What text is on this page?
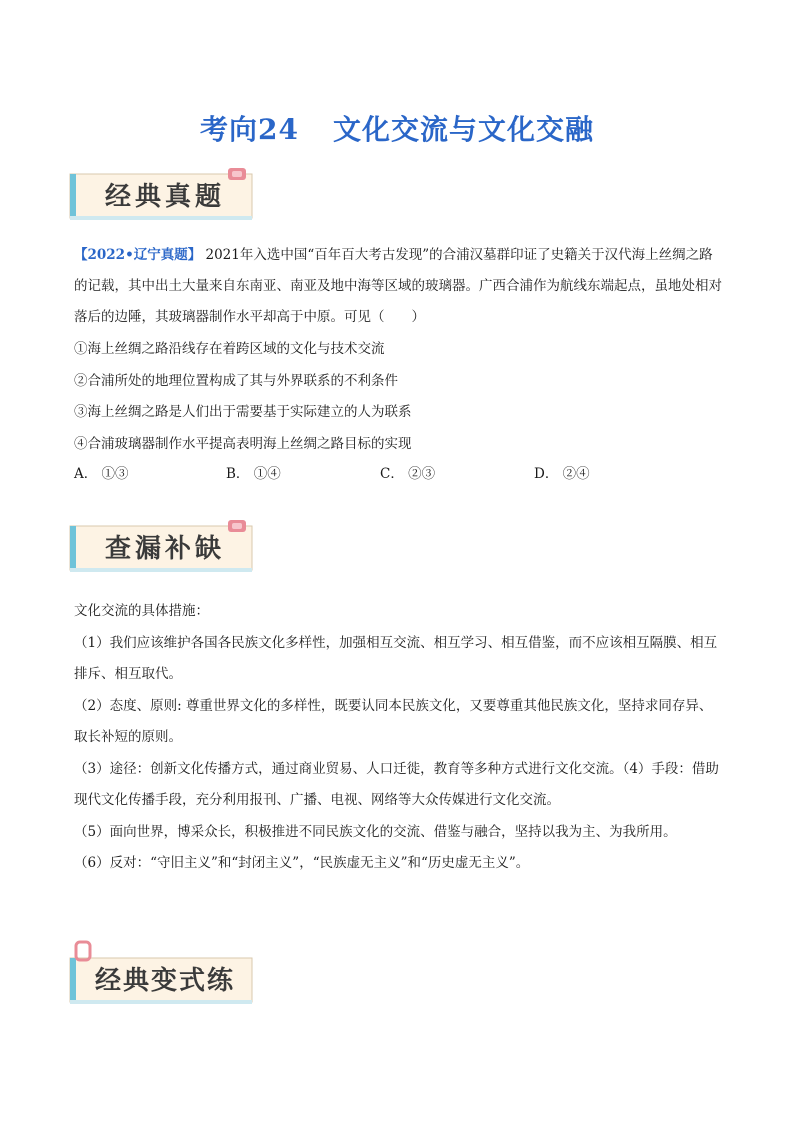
考向24 文化交流与文化交融
经典真题

【2022•辽宁真题】 2021年入选中国“百年百大考古发现”的合浦汉墓群印证了史籍关于汉代海上丝绸之路的记载，其中出土大量来自东南亚、南亚及地中海等区域的玻璃器。广西合浦作为航线东端起点，虽地处相对落后的边陲，其玻璃器制作水平却高于中原。可见（　　）

①海上丝绸之路沿线存在着跨区域的文化与技术交流

②合浦所处的地理位置构成了其与外界联系的不利条件

③海上丝绸之路是人们出于需要基于实际建立的人为联系

④合浦玻璃器制作水平提高表明海上丝绸之路目标的实现

A． ①③	B． ①④	C． ②③	D． ②④
查漏补缺

文化交流的具体措施：

（1）我们应该维护各国各民族文化多样性，加强相互交流、相互学习、相互借鉴，而不应该相互隔膜、相互排斥、相互取代。

（2）态度、原则: 尊重世界文化的多样性，既要认同本民族文化，又要尊重其他民族文化，坚持求同存异、取长补短的原则。

（3）途径：创新文化传播方式，通过商业贸易、人口迁徙，教育等多种方式进行文化交流。（4）手段：借助现代文化传播手段，充分利用报刊、广播、电视、网络等大众传媒进行文化交流。

（5）面向世界，博采众长，积极推进不同民族文化的交流、借鉴与融合，坚持以我为主、为我所用。

（6）反对：“守旧主义”和“封闭主义”，“民族虚无主义”和“历史虚无主义”。

经典变式练
